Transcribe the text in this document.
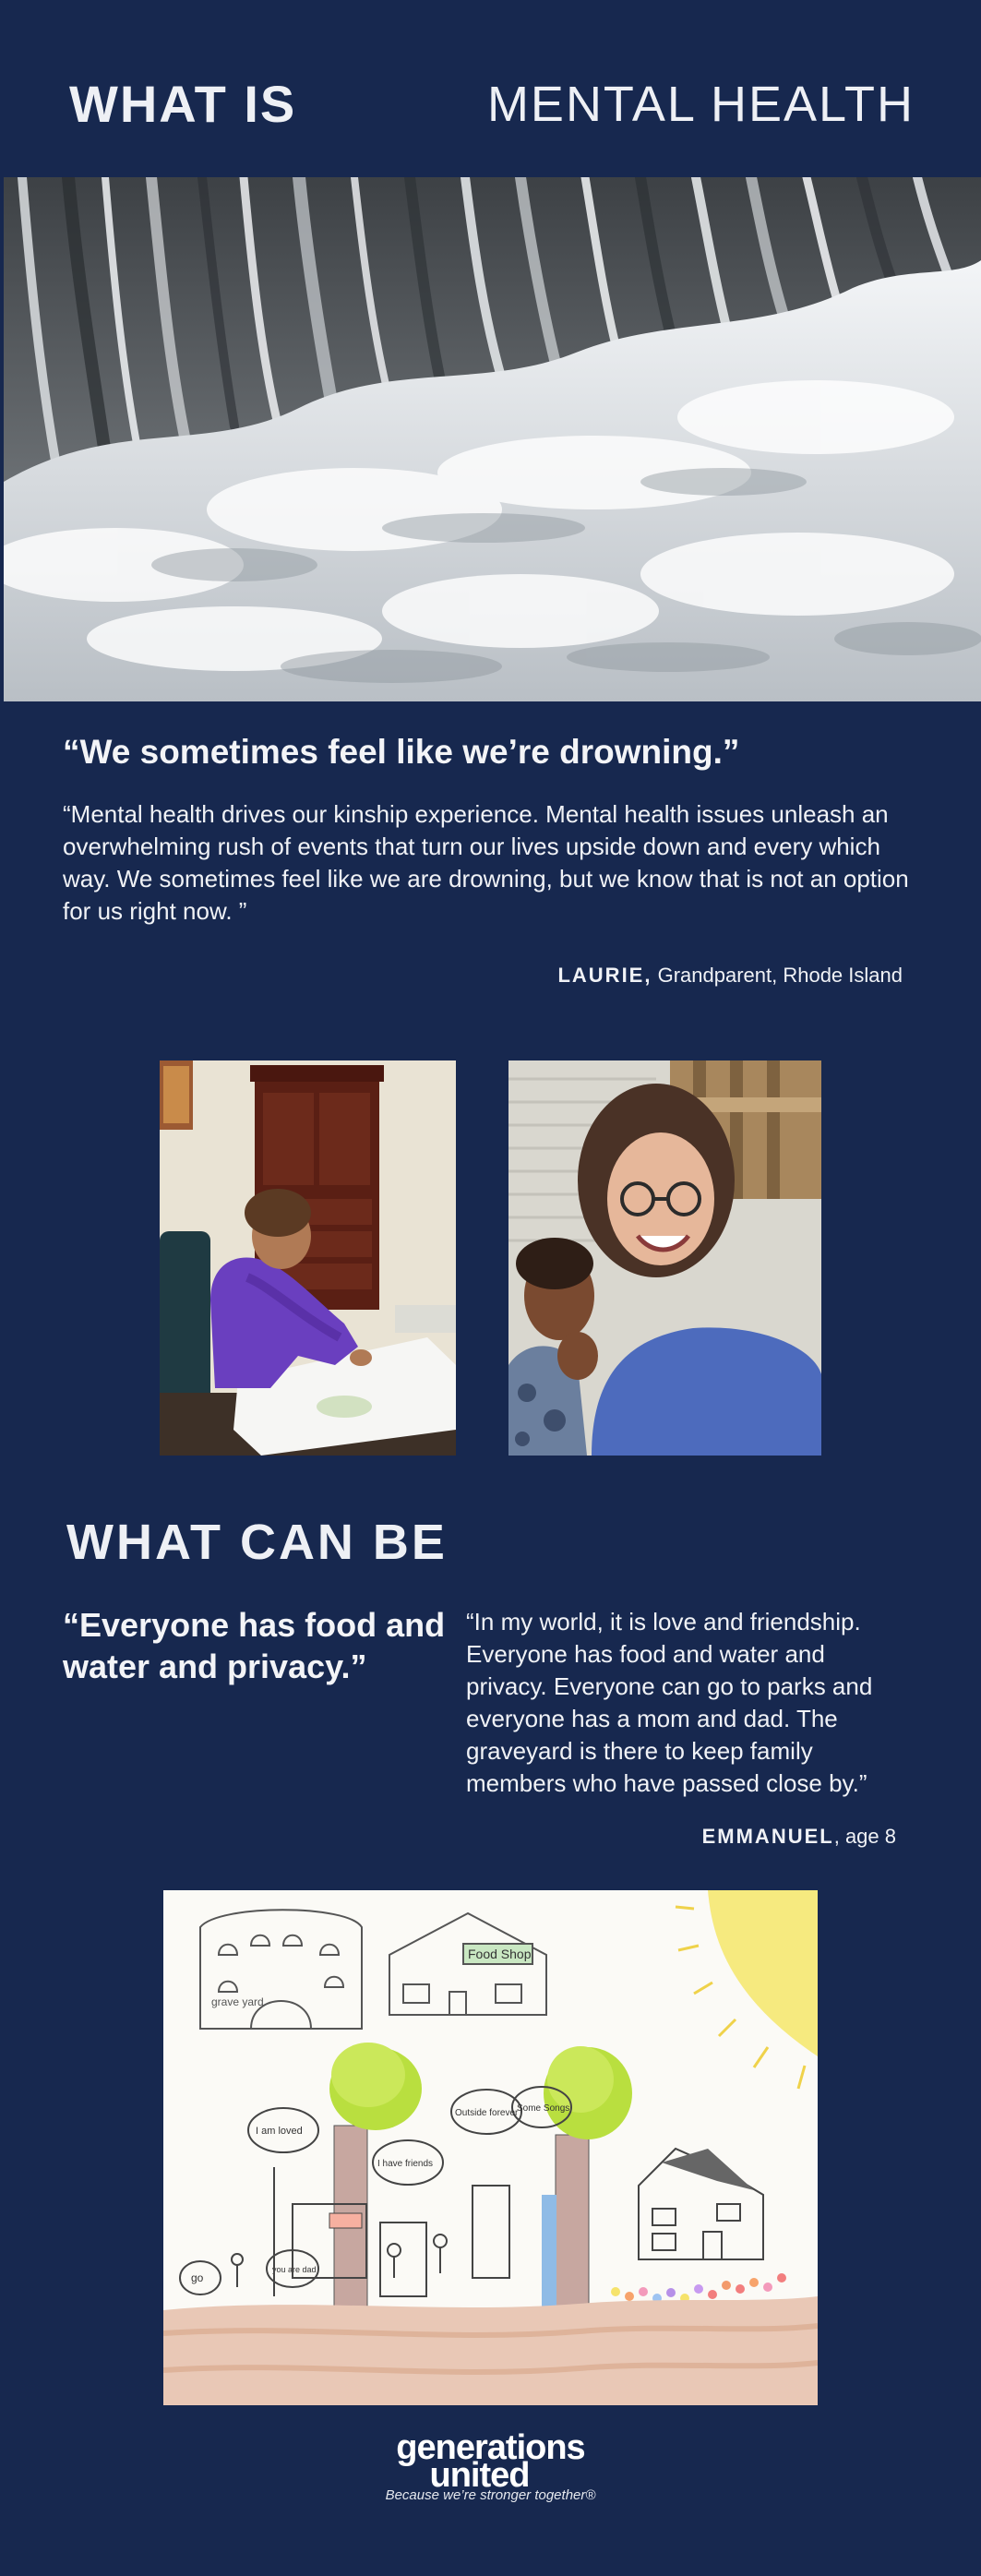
WHAT IS	MENTAL HEALTH
“We sometimes feel like we’re drowning.”
“Mental health drives our kinship experience. Mental health issues unleash an overwhelming rush of events that turn our lives upside down and every which way. We sometimes feel like we are drowning, but we know that is not an option for us right now. ”
LAURIE, Grandparent, Rhode Island
WHAT CAN BE
“Everyone has food and water and privacy.”
“In my world, it is love and friendship. Everyone has food and water and privacy. Everyone can go to parks and everyone has a mom and dad. The graveyard is there to keep family members who have passed close by.”
EMMANUEL, age 8
grave yard
Food Shop
I am loved
I have friends
Outside forever
Some Songs
go
you are dad
generations
united
Because we’re stronger together®
